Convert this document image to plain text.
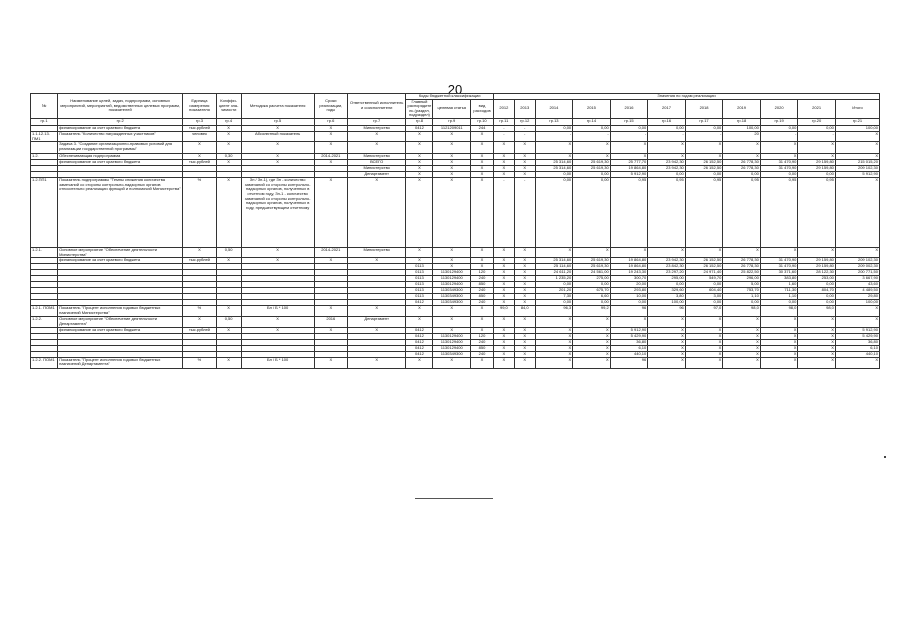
20
№	Наименование целей, задач, подпрограмм, основных мероприятий, мероприятий, ведомственных целевых программ, показателей	Единица измерения показателя	Коэффи-циент зна-чимости	Методика расчета показателя	Сроки реализации, годы	Ответственный исполнитель и соисполнители	Коды бюджетной классификации			Значения по годам реализации										
							Главный распорядитель (раздел, подраздел)	целевая статья	вид расходов	2012	2013	2014	2015	2016	2017	2018	2019	2020	2021	Итого
гр.1	гр.2	гр.3	гр.4	гр.5	гр.6	гр.7	гр.8	гр.9	гр.10	гр.11	гр.12	гр.13	гр.14	гр.15	гр.16	гр.17	гр.18	гр.19	гр.20	гр.21
	финансирование за счет краевого бюджета	тыс.рублей	X	X	X	Министерство	0412	1121209011	244	-	-	0,00	0,00	0,00	0,00	0,00	100,00	0,00	0,00	100,00
1.1.12.13. ПМ1	Показатель "Количество награжденных участников"	человек	X	Абсолютный показатель	X	X	X	X	X	-	-	-	-	-	-	-	20	-	-	X
	Задача 3. "Создание организационно-правовых условий для реализации государственной программы"	X	X	X	X	X	X	X	X	X	X	X	X	X	X	X	X	X	X	X
1.2.	Обеспечивающая подпрограмма	X	0,30	X	2014-2021	Министерство	X	X	X	X	X	X	X	X	X	X	X	X	X	X
	финансирование за счет краевого бюджета	тыс.рублей	X	X	X	ВСЕГО	X	X	X	X	X	25 314,60	25 619,30	25 777,70	23 942,30	26 152,50	26 778,30	31 470,90	29 159,80	215 015,20
						Министерство	X	X	X	X	X	25 314,60	25 619,30	19 864,80	23 942,30	26 152,50	26 778,30	31 470,90	29 159,80	209 102,30
						Департамент	X	X	X	X	X	0,00	0,00	5 912,90	0,00	0,00	0,00	0,00	0,00	5 912,90
1.2.ПП1	Показатель подпрограммы "Темпы снижения количества замечаний со стороны контрольно-надзорных органов относительно реализации функций и полномочий Министерства"	%	X	Зн / Зп-1), где Зп - количество замечаний со стороны контрольно-надзорных органов, полученных в отчетном году, Зп-1 - количество замечаний со стороны контрольно-надзорных органов, полученных в году, предшествующем отчетному	X	X	X	X	X	-	-	0,00	0,00	0,95	0,95	0,95	0,95	0,95	0,95	X
1.2.1.	Основное мероприятие "Обеспечение деятельности Министерства"	X	0,50	X	2014-2021	Министерство	X	X	X	X	X	X	X	X	X	X	X	X	X	X
	финансирование за счет краевого бюджета	тыс.рублей	X	X	X	X	X	X	X	X	X	25 314,60	25 619,30	19 864,80	23 942,30	26 152,50	26 778,30	31 470,90	29 159,80	209 102,30
							0113	X	X	X	X	25 114,60	25 619,30	19 864,80	23 842,30	26 152,50	26 778,30	31 470,90	29 159,80	209 002,30
							0113	1130129400	120	X	X	24 611,20	24 561,00	19 243,30	23 297,20	24 971,40	25 822,50	30 371,60	28 122,30	200 771,50
							0113	1130129400	240	X	X	1 235,20	275,00	300,70	295,00	549,70	296,00	383,80	253,00	3 667,90
							0113	1130129400	850	X	X	0,00	0,00	20,00	0,00	0,00	5,00	1,60	0,00	43,60
							0113	1130349300	240	X	X	201,20	675,70	293,80	329,60	604,40	753,70	711,30	804,70	4 489,50
							0113	1130349300	850	X	X	7,30	6,60	10,00	3,80	3,00	1,10	1,10	0,00	29,80
							0412	1130349300	240	X	X	0,00	0,00	0,00	100,00	0,00	0,00	0,00	0,00	100,00
1.2.1. ПОМ1	Показатель "Процент исполнения годовых бюджетных назначений Министерства"	%	X	Бн / Б * 100	X	X	X	X	X	99,0	84,0	96,3	99,2	96	96	97,0	98,0	98,0	98,0	X
1.2.2.	Основное мероприятие "Обеспечение деятельности Департамента"	X	0,50	X	2016	Департамент	X	X	X	X	X	X	X	X	X	X	X	X	X	X
	финансирование за счет краевого бюджета	тыс.рублей	X	X	X	X	0412	X	X	X	X	X	X	5 912,90	X	X	X	X	X	5 912,90
							0412	1130129400	120	X	X	X	X	5 429,90	X	X	X	X	X	5 429,90
							0412	1130129400	240	X	X	X	X	36,80	X	X	X	X	X	36,80
							0412	1130129400	850	X	X	X	X	6,10	X	X	X	X	X	6,10
							0412	1130349300	240	X	X	X	X	440,10	X	X	X	X	X	440,10
1.2.2. ПОМ1	Показатель "Процент исполнения годовых бюджетных назначений Департамента"	%	X	Бн / Б * 100	X	X	X	X	X	X	X	X	X	96	X	X	X	X	X	X
